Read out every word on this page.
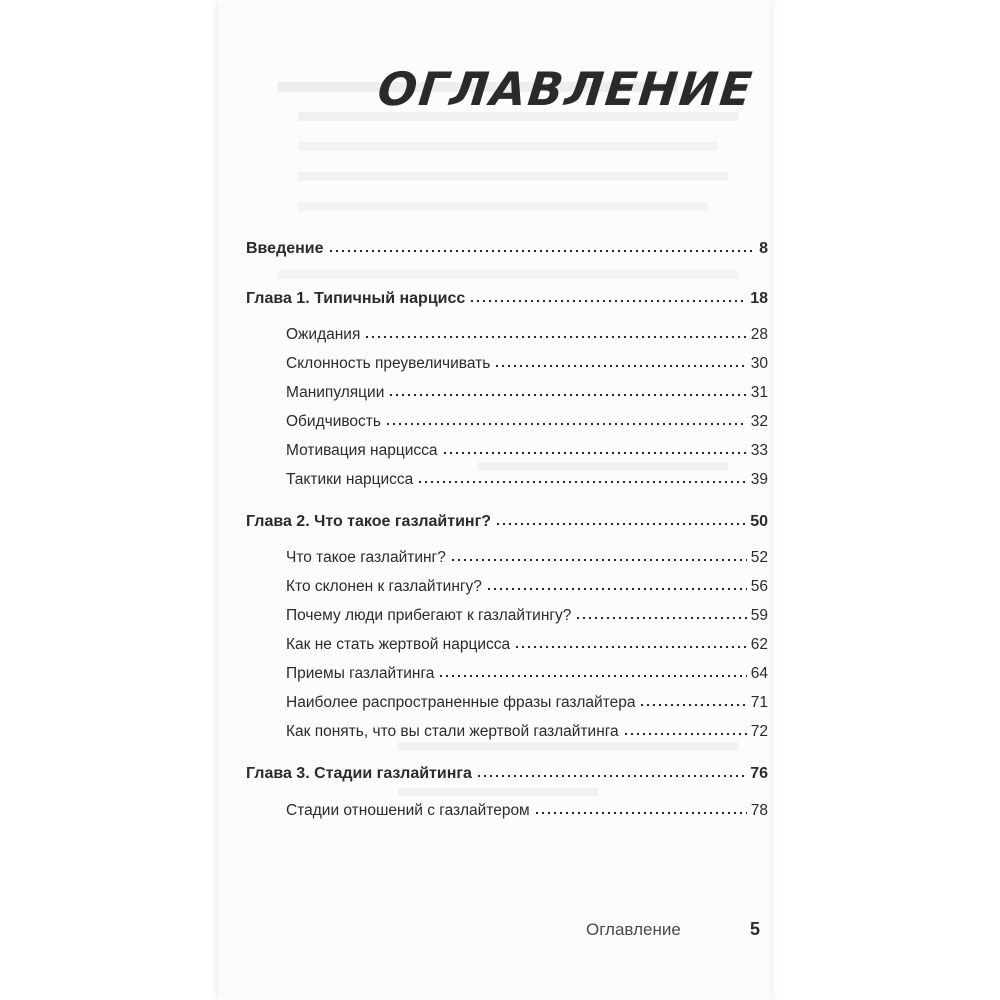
ОГЛАВЛЕНИЕ
Введение	8
Глава 1. Типичный нарцисс	18
Ожидания	28
Склонность преувеличивать	30
Манипуляции	31
Обидчивость	32
Мотивация нарцисса	33
Тактики нарцисса	39
Глава 2. Что такое газлайтинг?	50
Что такое газлайтинг?	52
Кто склонен к газлайтингу?	56
Почему люди прибегают к газлайтингу?	59
Как не стать жертвой нарцисса	62
Приемы газлайтинга	64
Наиболее распространенные фразы газлайтера	71
Как понять, что вы стали жертвой газлайтинга	72
Глава 3. Стадии газлайтинга	76
Стадии отношений с газлайтером	78
Оглавление	5
